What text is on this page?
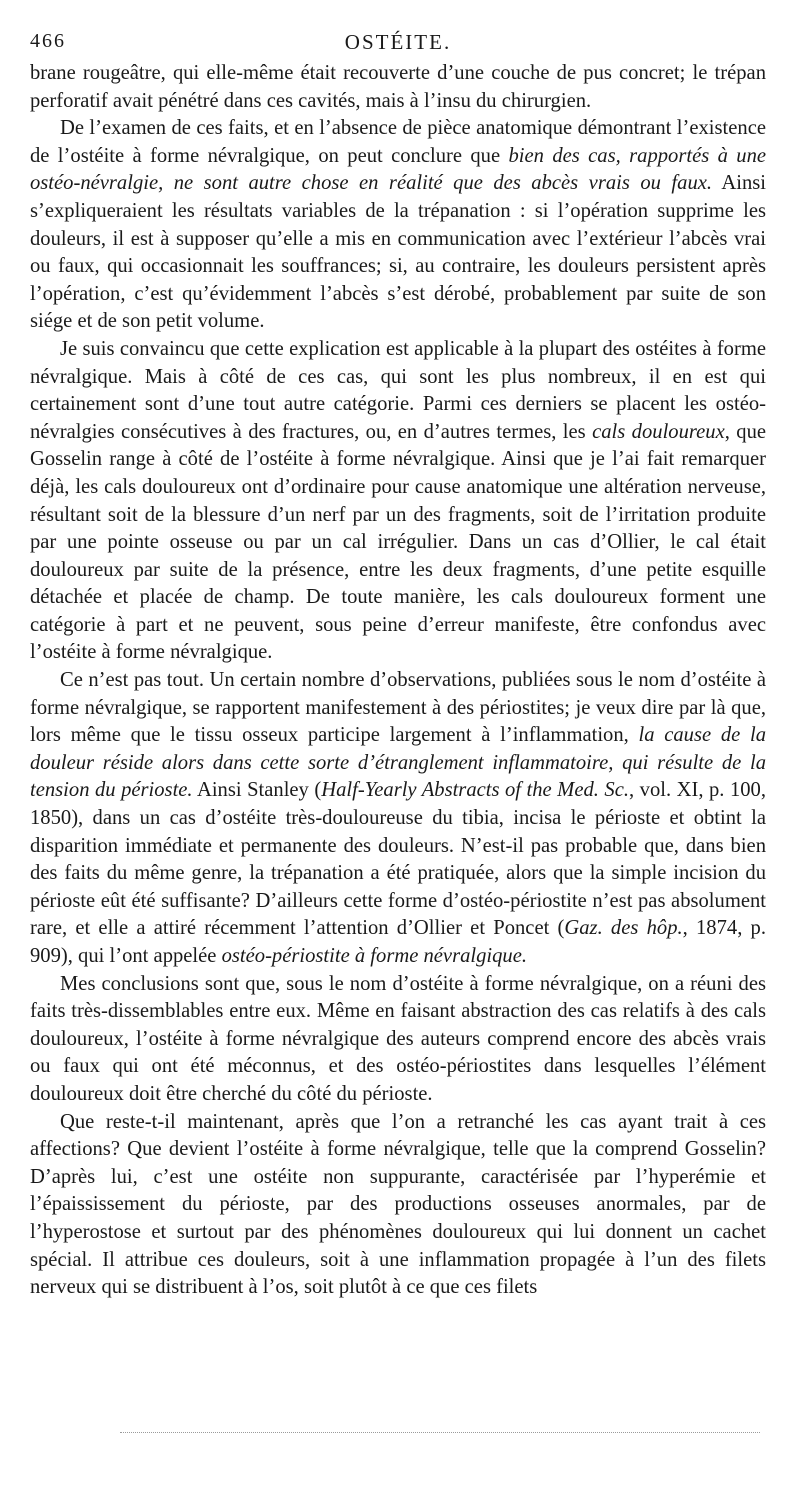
466	OSTÉITE.

brane rougeâtre, qui elle-même était recouverte d’une couche de pus concret; le trépan perforatif avait pénétré dans ces cavités, mais à l’insu du chirurgien.

De l’examen de ces faits, et en l’absence de pièce anatomique démontrant l’existence de l’ostéite à forme névralgique, on peut conclure que bien des cas, rapportés à une ostéo-névralgie, ne sont autre chose en réalité que des abcès vrais ou faux. Ainsi s’expliqueraient les résultats variables de la trépanation : si l’opération supprime les douleurs, il est à supposer qu’elle a mis en communication avec l’extérieur l’abcès vrai ou faux, qui occasionnait les souffrances; si, au contraire, les douleurs persistent après l’opération, c’est qu’évidemment l’abcès s’est dérobé, probablement par suite de son siége et de son petit volume.

Je suis convaincu que cette explication est applicable à la plupart des ostéites à forme névralgique. Mais à côté de ces cas, qui sont les plus nombreux, il en est qui certainement sont d’une tout autre catégorie. Parmi ces derniers se placent les ostéo-névralgies consécutives à des fractures, ou, en d’autres termes, les cals douloureux, que Gosselin range à côté de l’ostéite à forme névralgique. Ainsi que je l’ai fait remarquer déjà, les cals douloureux ont d’ordinaire pour cause anatomique une altération nerveuse, résultant soit de la blessure d’un nerf par un des fragments, soit de l’irritation produite par une pointe osseuse ou par un cal irrégulier. Dans un cas d’Ollier, le cal était douloureux par suite de la présence, entre les deux fragments, d’une petite esquille détachée et placée de champ. De toute manière, les cals douloureux forment une catégorie à part et ne peuvent, sous peine d’erreur manifeste, être confondus avec l’ostéite à forme névralgique.

Ce n’est pas tout. Un certain nombre d’observations, publiées sous le nom d’ostéite à forme névralgique, se rapportent manifestement à des périostites; je veux dire par là que, lors même que le tissu osseux participe largement à l’inflammation, la cause de la douleur réside alors dans cette sorte d’étranglement inflammatoire, qui résulte de la tension du périoste. Ainsi Stanley (Half-Yearly Abstracts of the Med. Sc., vol. XI, p. 100, 1850), dans un cas d’ostéite très-douloureuse du tibia, incisa le périoste et obtint la disparition immédiate et permanente des douleurs. N’est-il pas probable que, dans bien des faits du même genre, la trépanation a été pratiquée, alors que la simple incision du périoste eût été suffisante? D’ailleurs cette forme d’ostéo-périostite n’est pas absolument rare, et elle a attiré récemment l’attention d’Ollier et Poncet (Gaz. des hôp., 1874, p. 909), qui l’ont appelée ostéo-périostite à forme névralgique.

Mes conclusions sont que, sous le nom d’ostéite à forme névralgique, on a réuni des faits très-dissemblables entre eux. Même en faisant abstraction des cas relatifs à des cals douloureux, l’ostéite à forme névralgique des auteurs comprend encore des abcès vrais ou faux qui ont été méconnus, et des ostéo-périostites dans lesquelles l’élément douloureux doit être cherché du côté du périoste.

Que reste-t-il maintenant, après que l’on a retranché les cas ayant trait à ces affections? Que devient l’ostéite à forme névralgique, telle que la comprend Gosselin? D’après lui, c’est une ostéite non suppurante, caractérisée par l’hyperémie et l’épaississement du périoste, par des productions osseuses anormales, par de l’hyperostose et surtout par des phénomènes douloureux qui lui donnent un cachet spécial. Il attribue ces douleurs, soit à une inflammation propagée à l’un des filets nerveux qui se distribuent à l’os, soit plutôt à ce que ces filets
